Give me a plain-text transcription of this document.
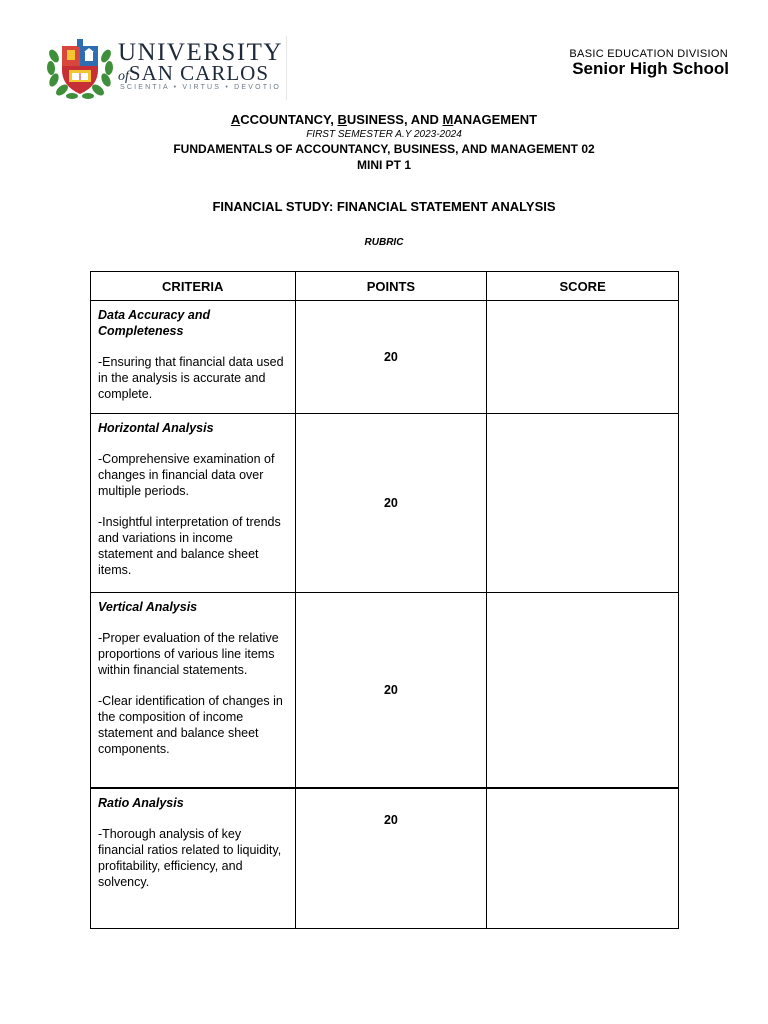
UNIVERSITY
ofSAN CARLOS
SCIENTIA • VIRTUS • DEVOTIO
BASIC EDUCATION DIVISION
Senior High School
ACCOUNTANCY, BUSINESS, AND MANAGEMENT
FIRST SEMESTER A.Y 2023-2024
FUNDAMENTALS OF ACCOUNTANCY, BUSINESS, AND MANAGEMENT 02
MINI PT 1
FINANCIAL STUDY: FINANCIAL STATEMENT ANALYSIS
RUBRIC
CRITERIA	POINTS	SCORE

Data Accuracy and Completeness
-Ensuring that financial data used in the analysis is accurate and complete.	20	

Horizontal Analysis
-Comprehensive examination of changes in financial data over multiple periods.
-Insightful interpretation of trends and variations in income statement and balance sheet items.	20	

Vertical Analysis
-Proper evaluation of the relative proportions of various line items within financial statements.
-Clear identification of changes in the composition of income statement and balance sheet components.	20	

Ratio Analysis
-Thorough analysis of key financial ratios related to liquidity, profitability, efficiency, and solvency.	20	
